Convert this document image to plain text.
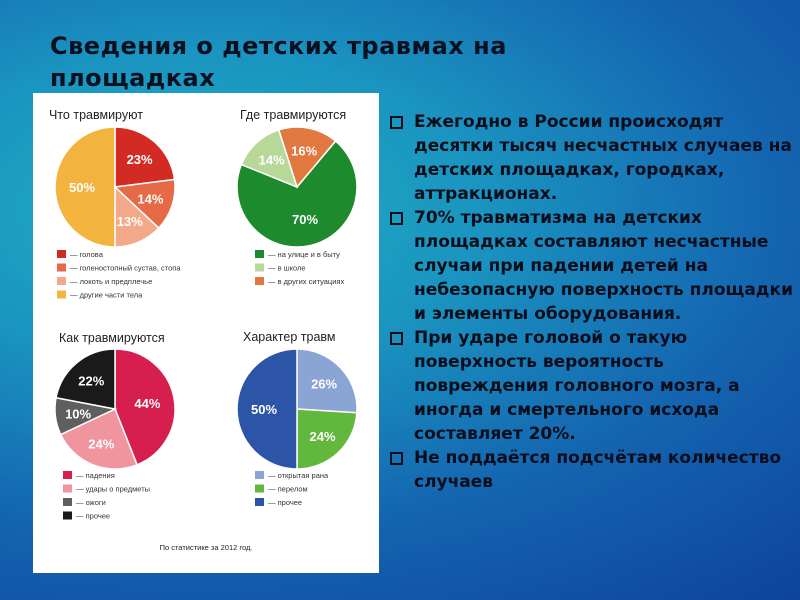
Сведения о детских травмах на площадках
Что травмируют
23%
14%
13%
50%
— голова
— голеностопный сустав, стопа
— локоть и предплечье
— другие части тела
Где травмируются
70%
14%
16%
— на улице и в быту
— в школе
— в других ситуациях
Как травмируются
44%
24%
10%
22%
— падения
— удары о предметы
— ожоги
— прочее
Характер травм
26%
24%
50%
— открытая рана
— перелом
— прочее
По статистике за 2012 год.
Ежегодно в России происходят десятки тысяч несчастных случаев на детских площадках, городках, аттракционах.
70% травматизма на детских площадках составляют несчастные случаи при падении детей на небезопасную поверхность площадки и элементы оборудования.
При ударе головой о такую поверхность вероятность повреждения головного мозга, а иногда и смертельного исхода составляет 20%.
Не поддаётся подсчётам количество случаев
